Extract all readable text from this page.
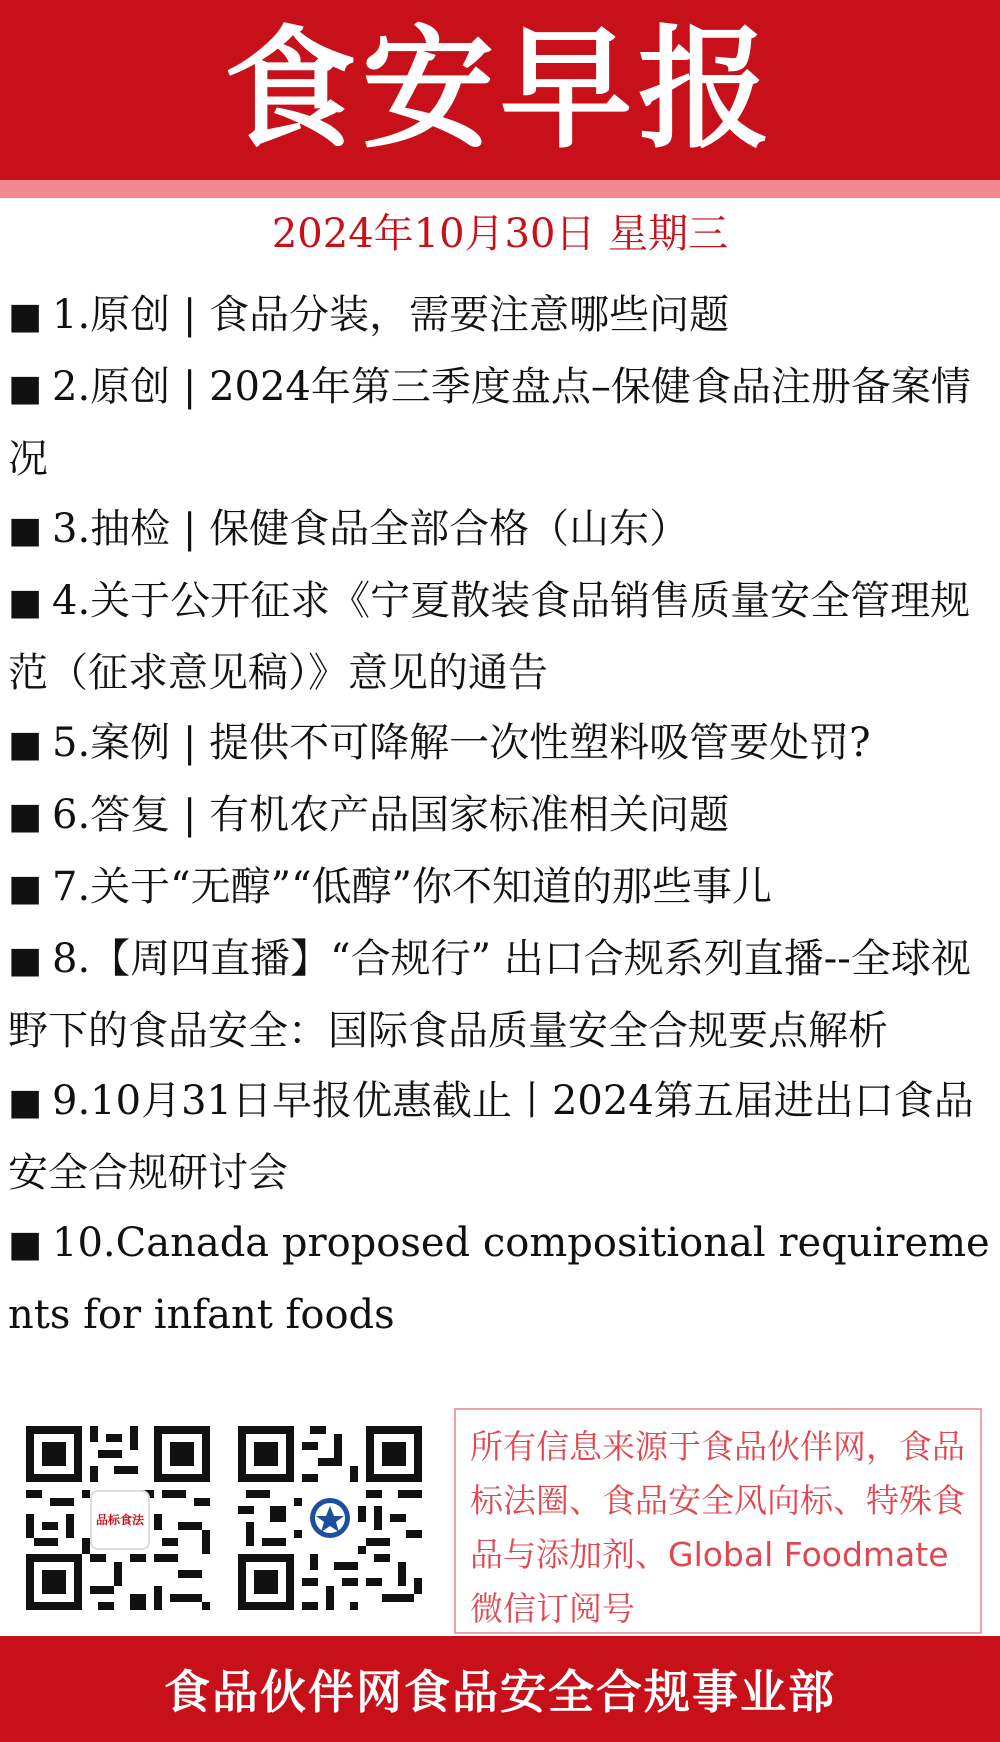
食安早报
2024年10月30日 星期三
■ 1.原创 | 食品分装，需要注意哪些问题
■ 2.原创 | 2024年第三季度盘点–保健食品注册备案情况
■ 3.抽检 | 保健食品全部合格（山东）
■ 4.关于公开征求《宁夏散装食品销售质量安全管理规范（征求意见稿）》意见的通告
■ 5.案例 | 提供不可降解一次性塑料吸管要处罚?
■ 6.答复 | 有机农产品国家标准相关问题
■ 7.关于“无醇”“低醇”你不知道的那些事儿
■ 8.【周四直播】“合规行” 出口合规系列直播--全球视野下的食品安全：国际食品质量安全合规要点解析
■ 9.10月31日早报优惠截止丨2024第五届进出口食品安全合规研讨会
■ 10.Canada proposed compositional requirements for infant foods
品标食法
所有信息来源于食品伙伴网，食品标法圈、食品安全风向标、特殊食品与添加剂、Global Foodmate微信订阅号
食品伙伴网食品安全合规事业部
